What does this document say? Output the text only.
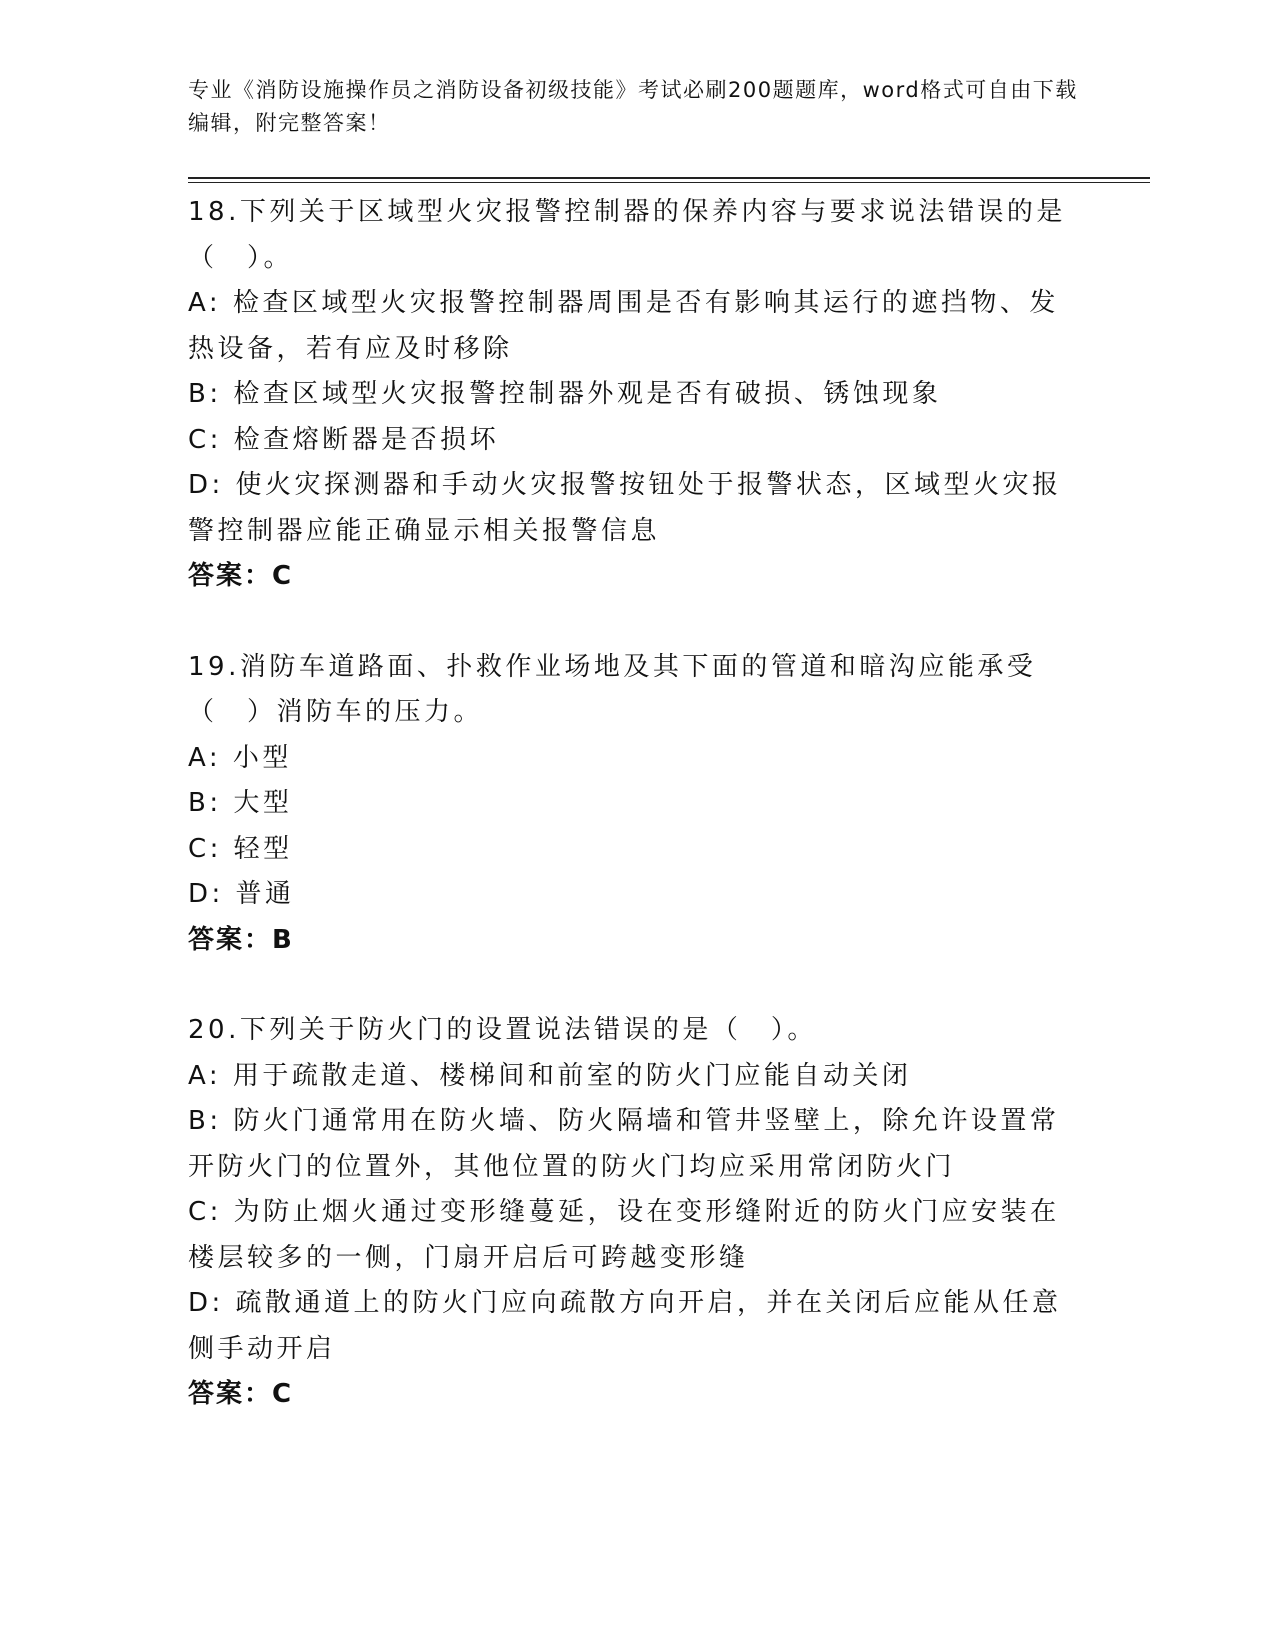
专业《消防设施操作员之消防设备初级技能》考试必刷200题题库，word格式可自由下载编辑，附完整答案！

18.下列关于区域型火灾报警控制器的保养内容与要求说法错误的是（　）。

A: 检查区域型火灾报警控制器周围是否有影响其运行的遮挡物、发热设备，若有应及时移除

B: 检查区域型火灾报警控制器外观是否有破损、锈蚀现象

C: 检查熔断器是否损坏

D: 使火灾探测器和手动火灾报警按钮处于报警状态，区域型火灾报警控制器应能正确显示相关报警信息

答案：C

19.消防车道路面、扑救作业场地及其下面的管道和暗沟应能承受（　）消防车的压力。

A: 小型

B: 大型

C: 轻型

D: 普通

答案：B

20.下列关于防火门的设置说法错误的是（　）。

A: 用于疏散走道、楼梯间和前室的防火门应能自动关闭

B: 防火门通常用在防火墙、防火隔墙和管井竖壁上，除允许设置常开防火门的位置外，其他位置的防火门均应采用常闭防火门

C: 为防止烟火通过变形缝蔓延，设在变形缝附近的防火门应安装在楼层较多的一侧，门扇开启后可跨越变形缝

D: 疏散通道上的防火门应向疏散方向开启，并在关闭后应能从任意侧手动开启

答案：C
